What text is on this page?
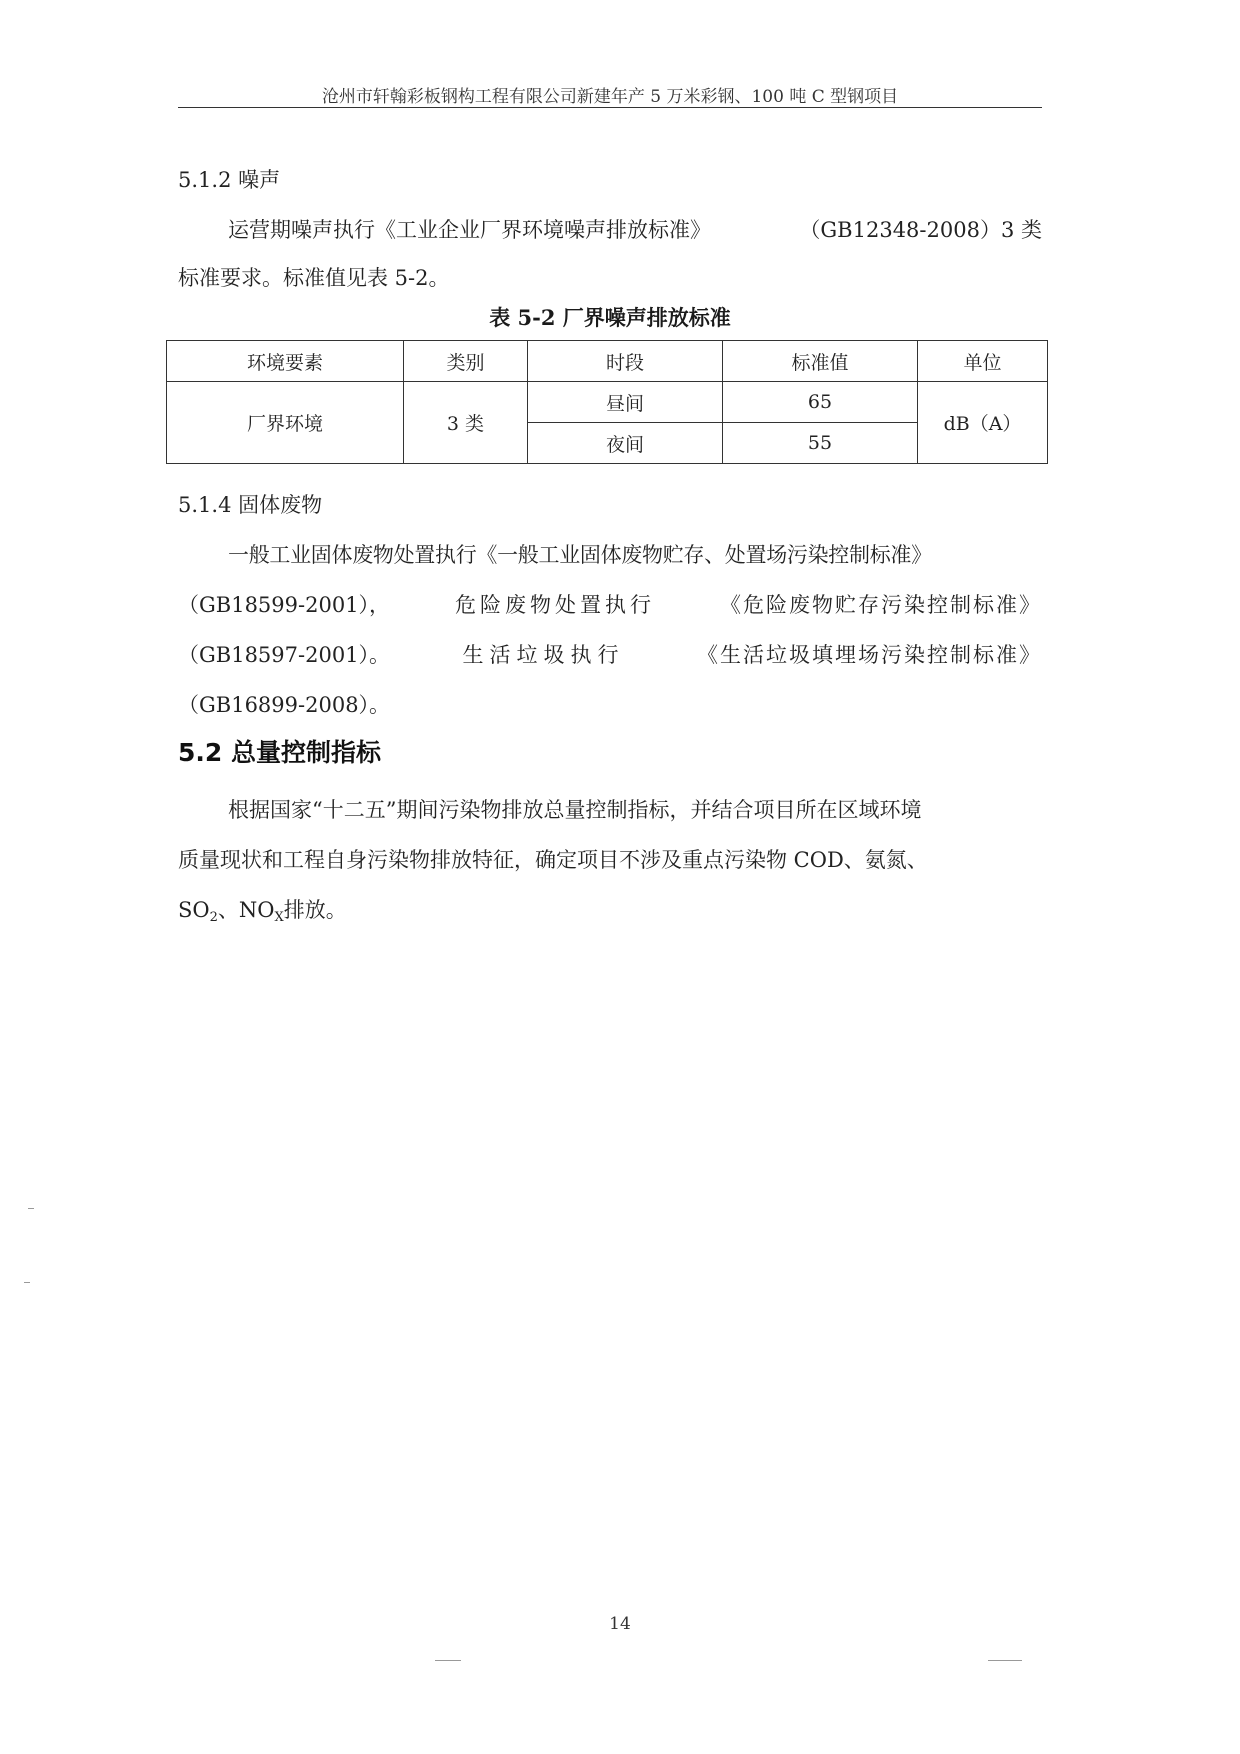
沧州市轩翰彩板钢构工程有限公司新建年产 5 万米彩钢、100 吨 C 型钢项目
5.1.2 噪声
运营期噪声执行《工业企业厂界环境噪声排放标准》	（GB12348-2008）3 类
标准要求。标准值见表 5-2。
表 5-2 厂界噪声排放标准
环境要素	类别	时段	标准值	单位
厂界环境	3 类	昼间	65	dB（A）
		夜间	55	
5.1.4 固体废物
一般工业固体废物处置执行《一般工业固体废物贮存、处置场污染控制标准》
（GB18599-2001），	危险废物处置执行	《危险废物贮存污染控制标准》
（GB18597-2001）。	生活垃圾执行	《生活垃圾填埋场污染控制标准》
（GB16899-2008）。
5.2 总量控制指标
根据国家“十二五”期间污染物排放总量控制指标，并结合项目所在区域环境
质量现状和工程自身污染物排放特征，确定项目不涉及重点污染物 COD、氨氮、
$SO_2$、$NO_X$排放。
14
